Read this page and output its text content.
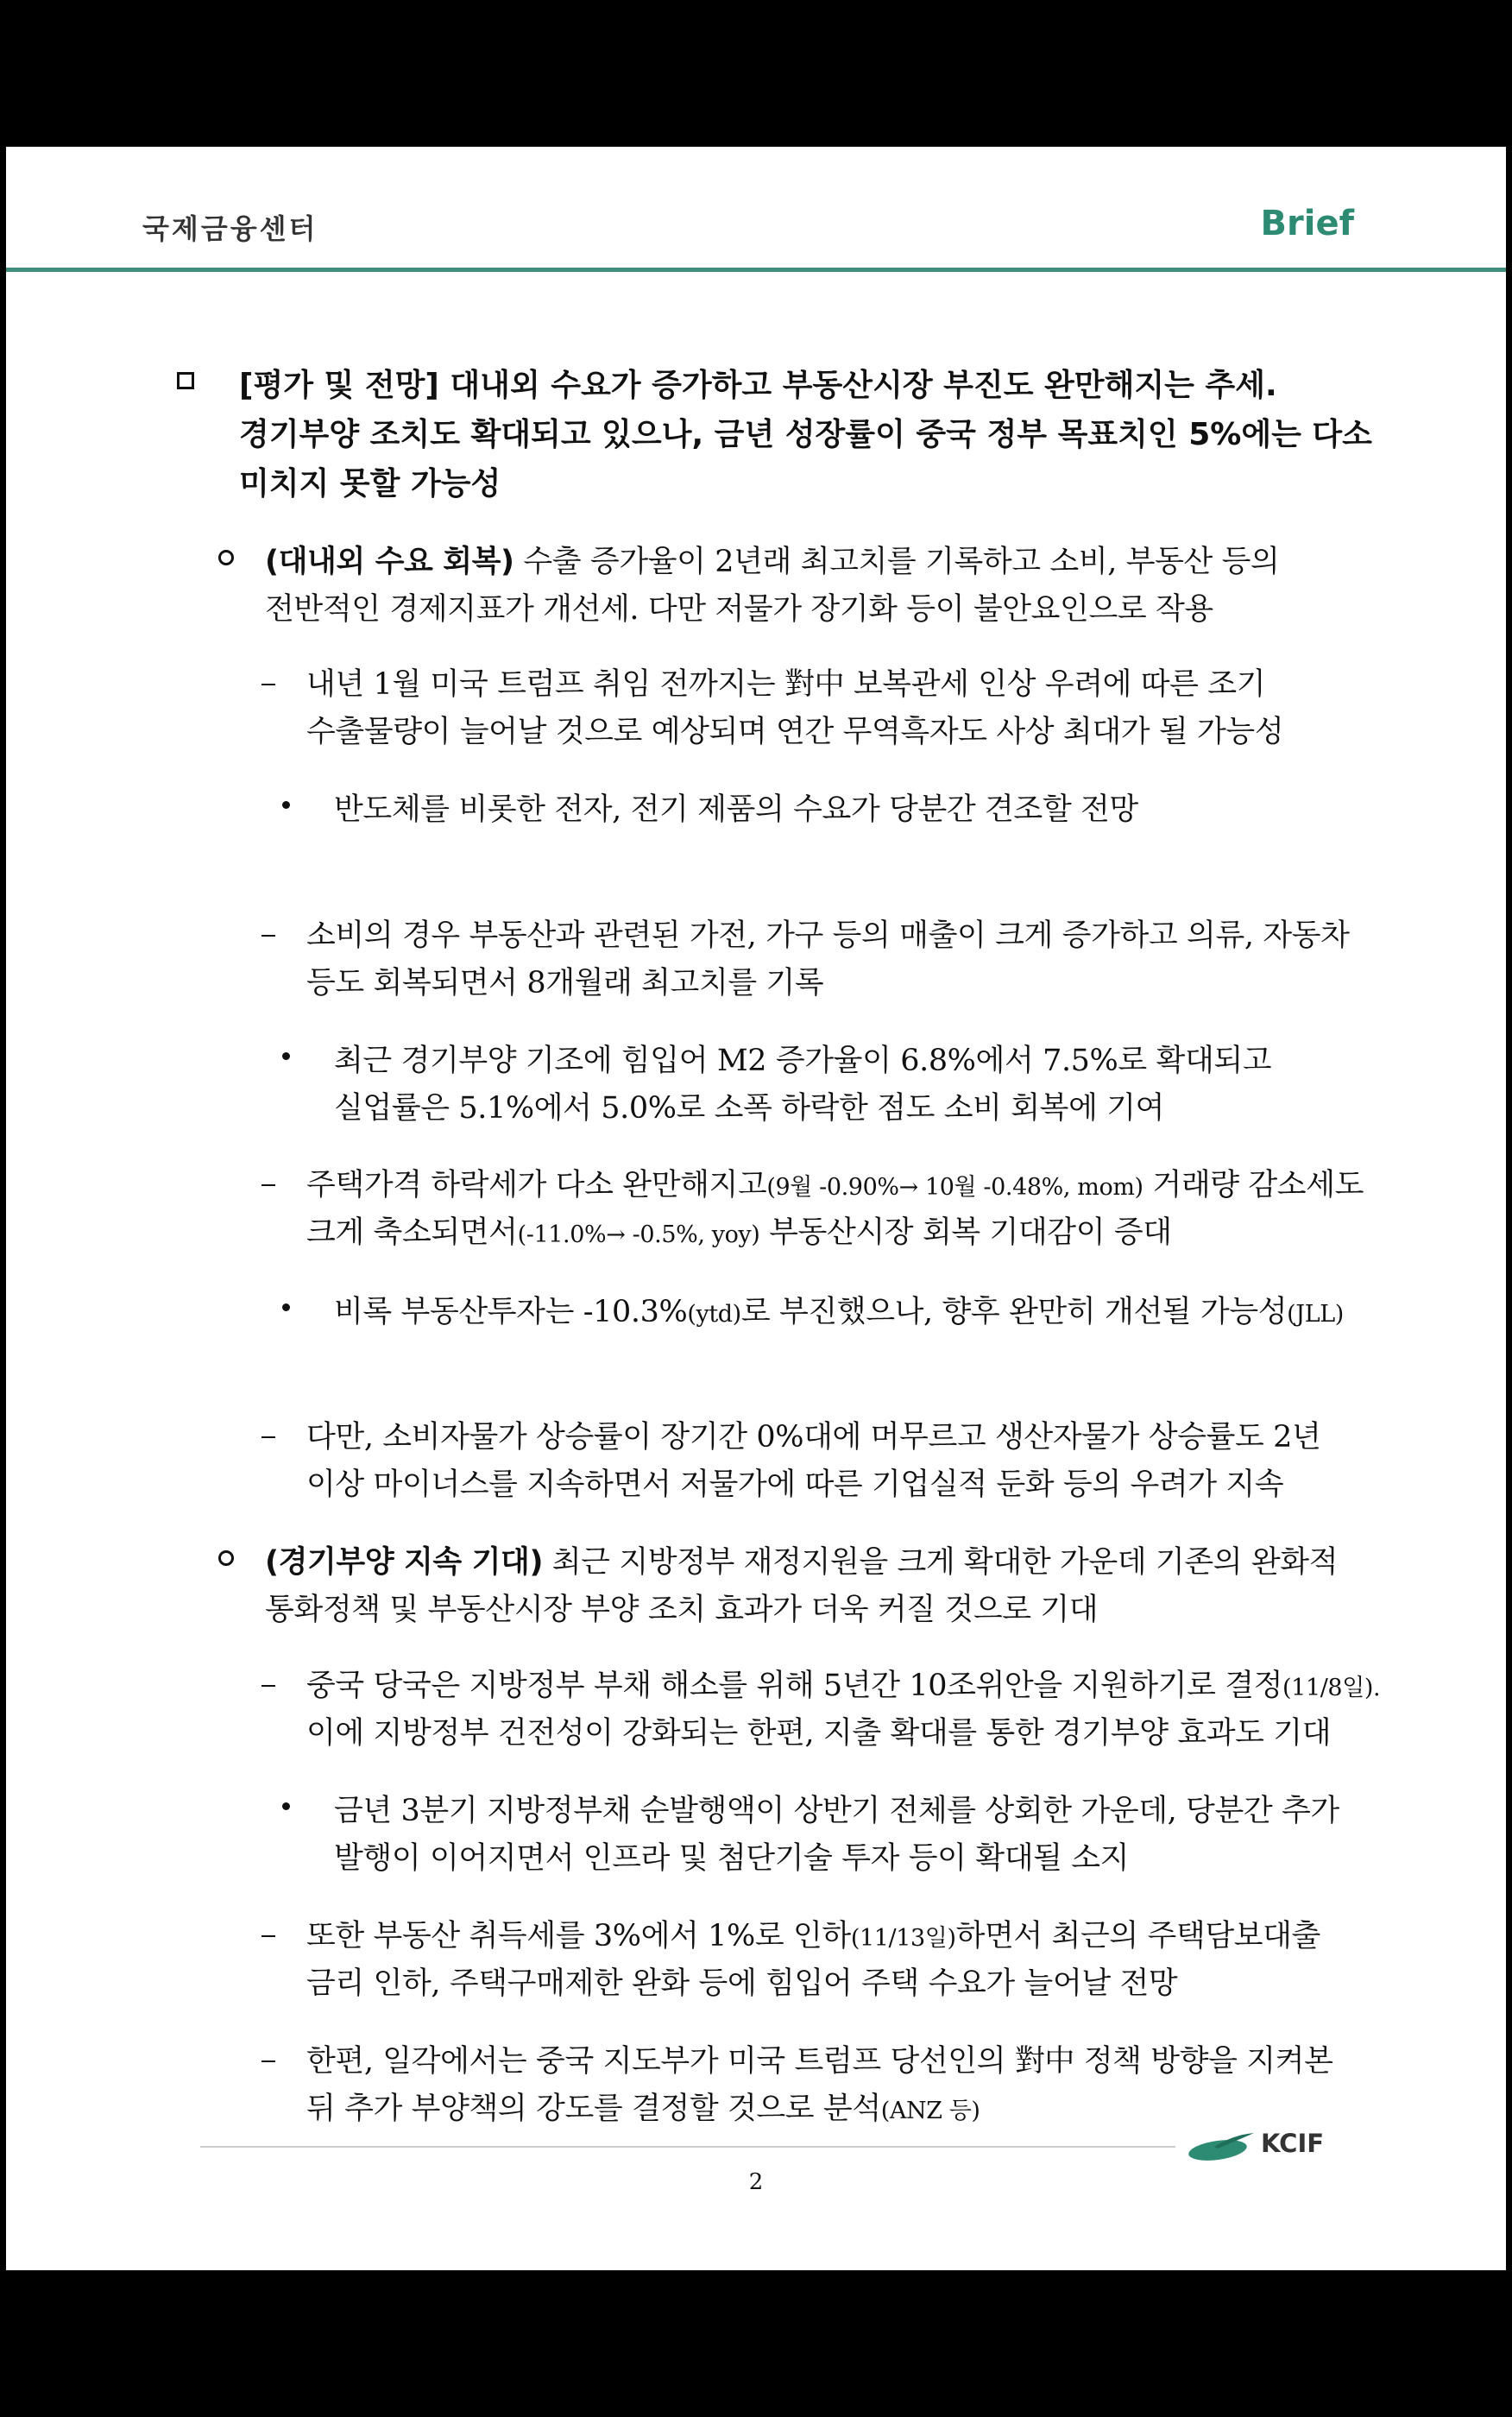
국제금융센터	Brief
[평가 및 전망] 대내외 수요가 증가하고 부동산시장 부진도 완만해지는 추세.
경기부양 조치도 확대되고 있으나, 금년 성장률이 중국 정부 목표치인 5%에는 다소
미치지 못할 가능성
(대내외 수요 회복) 수출 증가율이 2년래 최고치를 기록하고 소비, 부동산 등의
전반적인 경제지표가 개선세. 다만 저물가 장기화 등이 불안요인으로 작용
내년 1월 미국 트럼프 취임 전까지는 對中 보복관세 인상 우려에 따른 조기
수출물량이 늘어날 것으로 예상되며 연간 무역흑자도 사상 최대가 될 가능성
반도체를 비롯한 전자, 전기 제품의 수요가 당분간 견조할 전망
소비의 경우 부동산과 관련된 가전, 가구 등의 매출이 크게 증가하고 의류, 자동차
등도 회복되면서 8개월래 최고치를 기록
최근 경기부양 기조에 힘입어 M2 증가율이 6.8%에서 7.5%로 확대되고
실업률은 5.1%에서 5.0%로 소폭 하락한 점도 소비 회복에 기여
주택가격 하락세가 다소 완만해지고(9월 -0.90%→ 10월 -0.48%, mom) 거래량 감소세도
크게 축소되면서(-11.0%→ -0.5%, yoy) 부동산시장 회복 기대감이 증대
비록 부동산투자는 -10.3%(ytd)로 부진했으나, 향후 완만히 개선될 가능성(JLL)
다만, 소비자물가 상승률이 장기간 0%대에 머무르고 생산자물가 상승률도 2년
이상 마이너스를 지속하면서 저물가에 따른 기업실적 둔화 등의 우려가 지속
(경기부양 지속 기대) 최근 지방정부 재정지원을 크게 확대한 가운데 기존의 완화적
통화정책 및 부동산시장 부양 조치 효과가 더욱 커질 것으로 기대
중국 당국은 지방정부 부채 해소를 위해 5년간 10조위안을 지원하기로 결정(11/8일).
이에 지방정부 건전성이 강화되는 한편, 지출 확대를 통한 경기부양 효과도 기대
금년 3분기 지방정부채 순발행액이 상반기 전체를 상회한 가운데, 당분간 추가
발행이 이어지면서 인프라 및 첨단기술 투자 등이 확대될 소지
또한 부동산 취득세를 3%에서 1%로 인하(11/13일)하면서 최근의 주택담보대출
금리 인하, 주택구매제한 완화 등에 힘입어 주택 수요가 늘어날 전망
한편, 일각에서는 중국 지도부가 미국 트럼프 당선인의 對中 정책 방향을 지켜본
뒤 추가 부양책의 강도를 결정할 것으로 분석(ANZ 등)
KCIF
2
